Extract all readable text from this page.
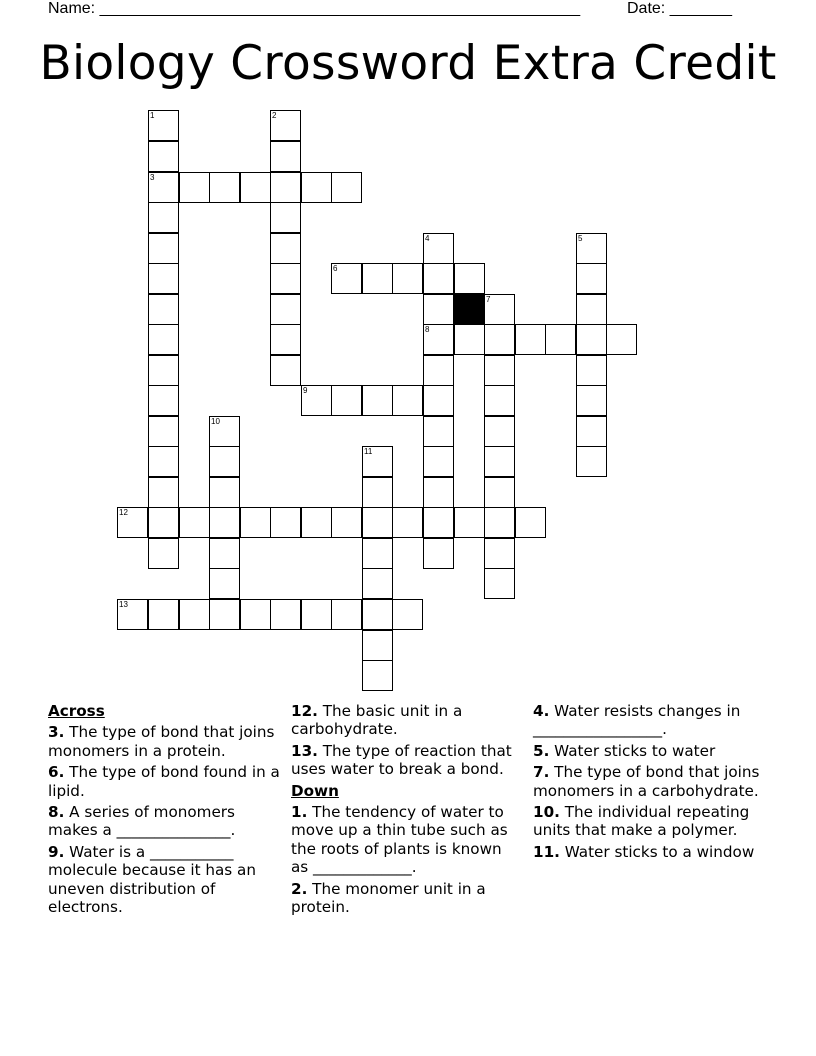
Name: ______________________________________________________	Date: _______
Biology Crossword Extra Credit
1
3
2
4	5
6
7
8
9
10
11
12
13
Across
3. The type of bond that joins monomers in a protein.
6. The type of bond found in a lipid.
8. A series of monomers makes a _______________.
9. Water is a ___________ molecule because it has an uneven distribution of electrons.
12. The basic unit in a carbohydrate.
13. The type of reaction that uses water to break a bond.
Down
1. The tendency of water to move up a thin tube such as the roots of plants is known as _____________.
2. The monomer unit in a protein.
4. Water resists changes in _________________.
5. Water sticks to water
7. The type of bond that joins monomers in a carbohydrate.
10. The individual repeating units that make a polymer.
11. Water sticks to a window
